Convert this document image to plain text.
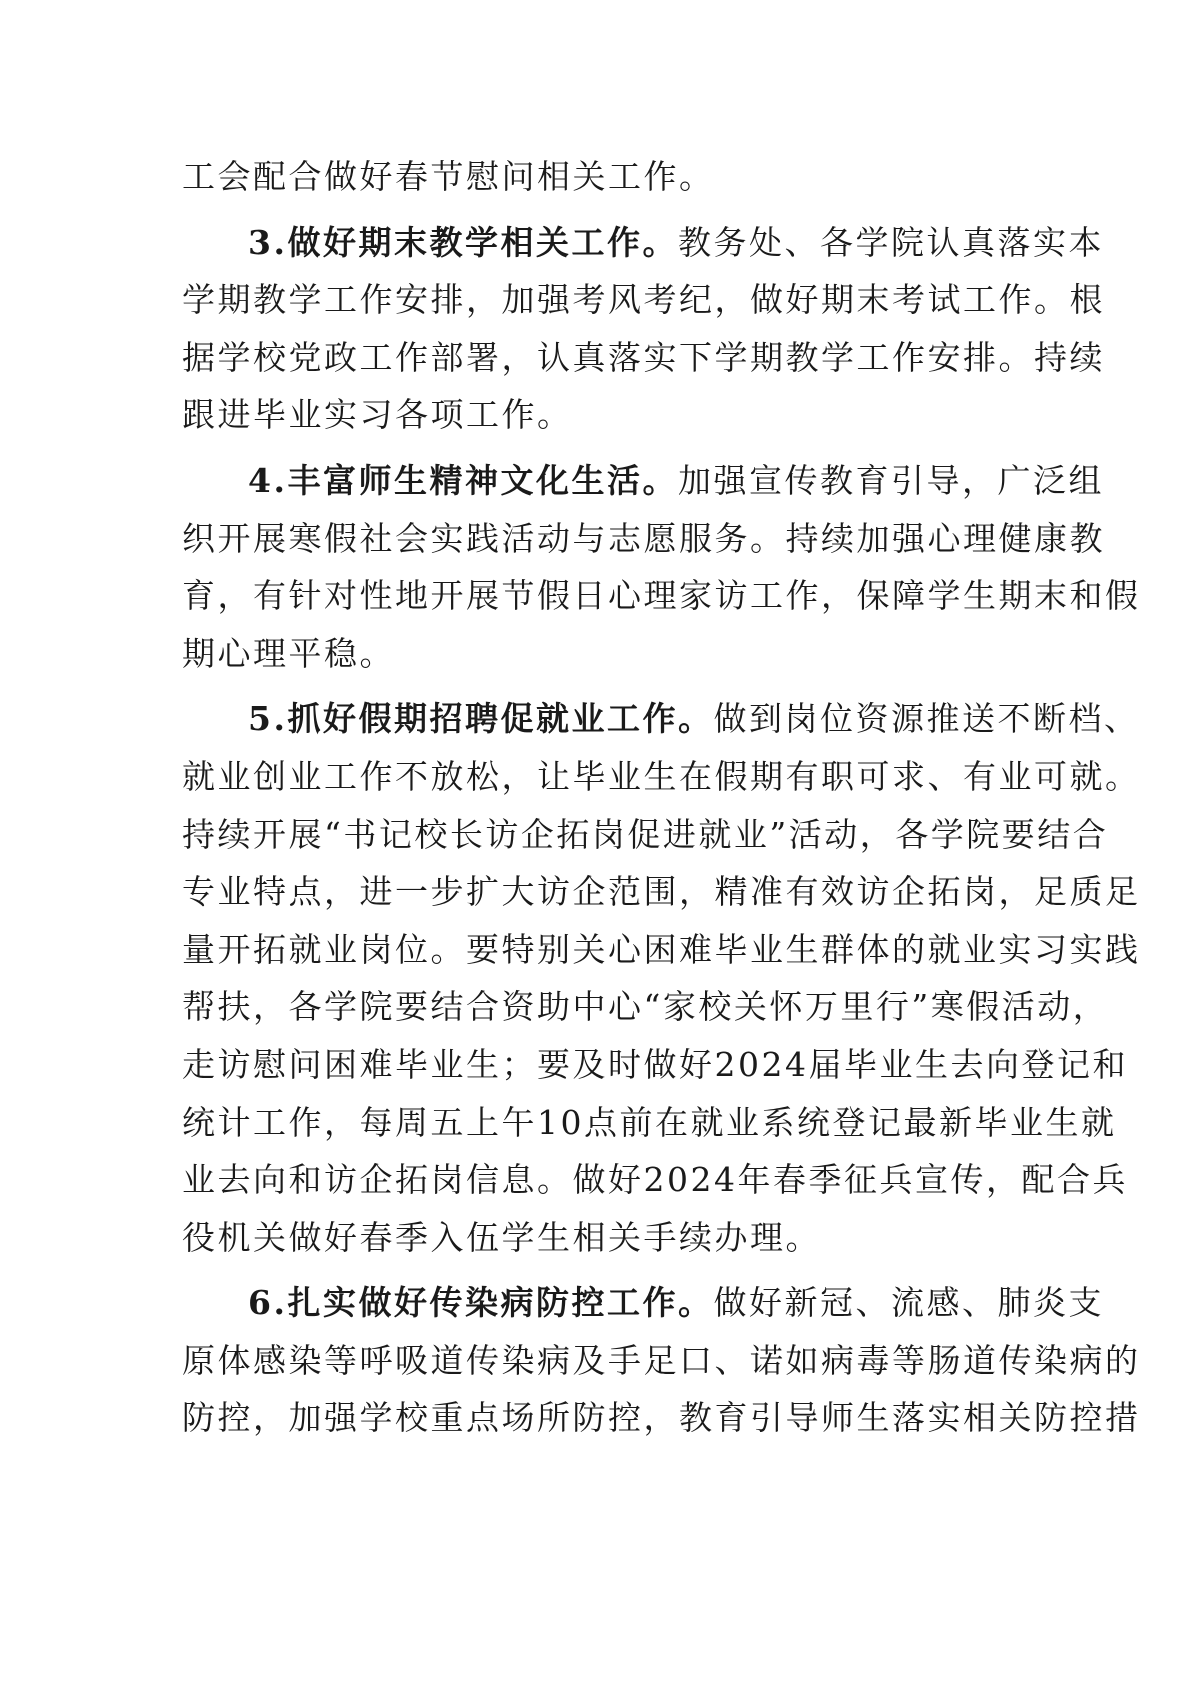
工会配合做好春节慰问相关工作。
3.做好期末教学相关工作。教务处、各学院认真落实本
学期教学工作安排，加强考风考纪，做好期末考试工作。根
据学校党政工作部署，认真落实下学期教学工作安排。持续
跟进毕业实习各项工作。
4.丰富师生精神文化生活。加强宣传教育引导，广泛组
织开展寒假社会实践活动与志愿服务。持续加强心理健康教
育，有针对性地开展节假日心理家访工作，保障学生期末和假
期心理平稳。
5.抓好假期招聘促就业工作。做到岗位资源推送不断档、
就业创业工作不放松，让毕业生在假期有职可求、有业可就。
持续开展“书记校长访企拓岗促进就业”活动，各学院要结合
专业特点，进一步扩大访企范围，精准有效访企拓岗，足质足
量开拓就业岗位。要特别关心困难毕业生群体的就业实习实践
帮扶，各学院要结合资助中心“家校关怀万里行”寒假活动，
走访慰问困难毕业生；要及时做好2024届毕业生去向登记和
统计工作，每周五上午10点前在就业系统登记最新毕业生就
业去向和访企拓岗信息。做好2024年春季征兵宣传，配合兵
役机关做好春季入伍学生相关手续办理。
6.扎实做好传染病防控工作。做好新冠、流感、肺炎支
原体感染等呼吸道传染病及手足口、诺如病毒等肠道传染病的
防控，加强学校重点场所防控，教育引导师生落实相关防控措
